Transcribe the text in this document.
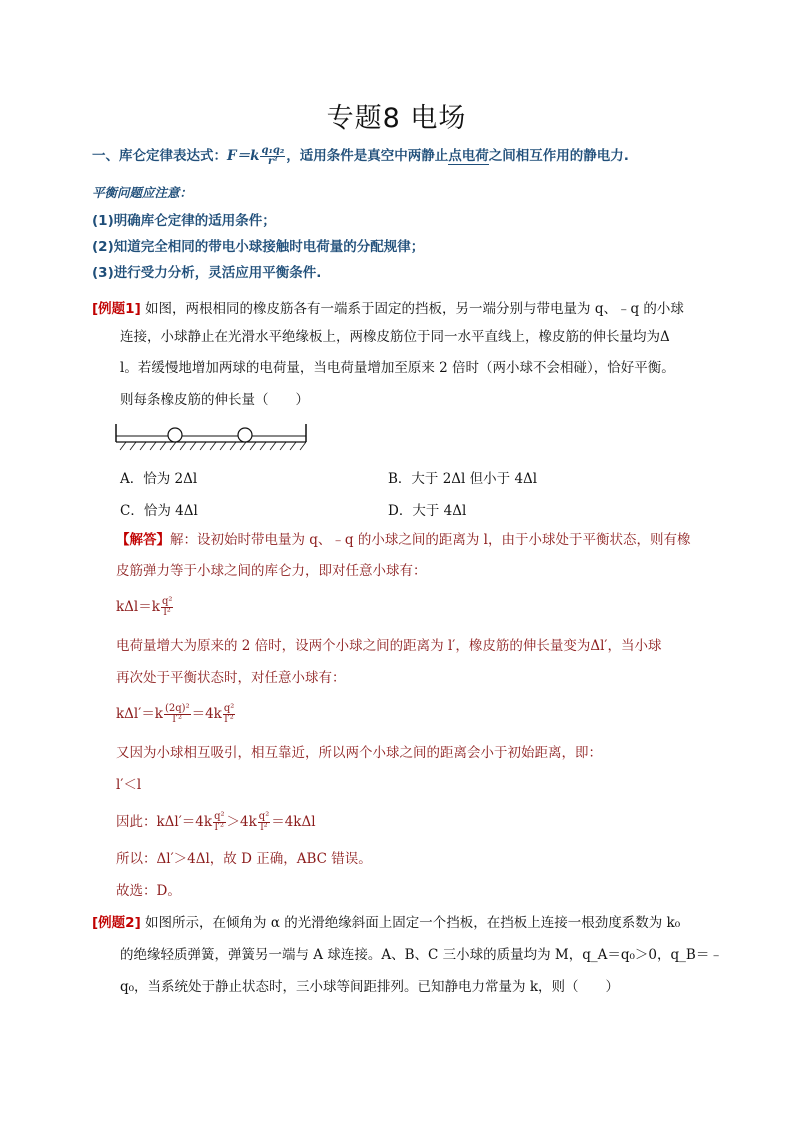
专题8 电场
一、库仑定律表达式：$F=k \frac{\text{q₁q₂}}{\text{r²}}$ ，适用条件是真空中两静止点电荷之间相互作用的静电力.
平衡问题应注意：
(1)明确库仑定律的适用条件；
(2)知道完全相同的带电小球接触时电荷量的分配规律；
(3)进行受力分析，灵活应用平衡条件.
[例题1] 如图，两根相同的橡皮筋各有一端系于固定的挡板，另一端分别与带电量为 q、﹣q 的小球
连接，小球静止在光滑水平绝缘板上，两橡皮筋位于同一水平直线上，橡皮筋的伸长量均为Δ
l。若缓慢地增加两球的电荷量，当电荷量增加至原来 2 倍时（两小球不会相碰），恰好平衡。
则每条橡皮筋的伸长量（　　）
A．恰为 2Δl	B．大于 2Δl 但小于 4Δl
C．恰为 4Δl	D．大于 4Δl
【解答】解：设初始时带电量为 q、﹣q 的小球之间的距离为 l，由于小球处于平衡状态，则有橡
皮筋弹力等于小球之间的库仑力，即对任意小球有：
$k\Delta l=k \frac{\text{q²}}{\text{l²}}$
电荷量增大为原来的 2 倍时，设两个小球之间的距离为 l′，橡皮筋的伸长量变为Δl′，当小球
再次处于平衡状态时，对任意小球有：
$k\Delta l'=k \frac{\text{(2q)²}}{\text{l′²}} =4k \frac{\text{q²}}{\text{l′²}}$
又因为小球相互吸引，相互靠近，所以两个小球之间的距离会小于初始距离，即：
l′＜l
因此：$k\Delta l'=4k \frac{\text{q²}}{\text{l′²}} >4k \frac{\text{q²}}{\text{l²}} =4k\Delta l$
所以：Δl′＞4Δl，故 D 正确，ABC 错误。
故选：D。
[例题2] 如图所示，在倾角为 α 的光滑绝缘斜面上固定一个挡板，在挡板上连接一根劲度系数为 k₀
的绝缘轻质弹簧，弹簧另一端与 A 球连接。A、B、C 三小球的质量均为 M，q_A＝q₀＞0，q_B＝﹣
q₀，当系统处于静止状态时，三小球等间距排列。已知静电力常量为 k，则（　　）
